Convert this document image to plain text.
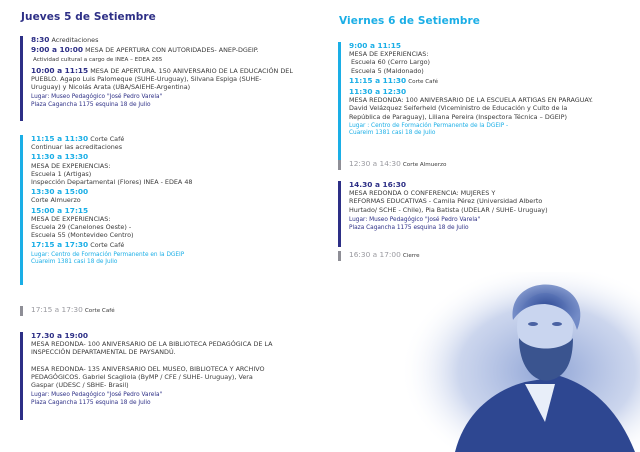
Jueves 5 de Setiembre
8:30 Acreditaciones
9:00 a 10:00 MESA DE APERTURA CON AUTORIDADES- ANEP-DGEIP.
Actividad cultural a cargo de INEA – EDEA 265
10:00 a 11:15 MESA DE APERTURA. 150 ANIVERSARIO DE LA EDUCACIÓN DEL
PUEBLO. Agapo Luis Palomeque (SUHE-Uruguay), Silvana Espiga (SUHE-
Uruguay) y Nicolás Arata (UBA/SAIEHE-Argentina)
Lugar: Museo Pedagógico "José Pedro Varela"
Plaza Cagancha 1175 esquina 18 de Julio
11:15 a 11:30 Corte Café
Continuar las acreditaciones
11:30 a 13:30
MESA DE EXPERIENCIAS:
Escuela 1 (Artigas)
Inspección Departamental (Flores) INEA - EDEA 48
13:30 a 15:00
Corte Almuerzo
15:00 a 17:15
MESA DE EXPERIENCIAS:
Escuela 29 (Canelones Oeste) -
Escuela 55 (Montevideo Centro)
17:15 a 17:30 Corte Café
Lugar: Centro de Formación Permanente en la DGEIP
Cuareim 1381 casi 18 de Julio
17:15 a 17:30 Corte Café
17.30 a 19:00
MESA REDONDA- 100 ANIVERSARIO DE LA BIBLIOTECA PEDAGÓGICA DE LA
INSPECCIÓN DEPARTAMENTAL DE PAYSANDÚ.
MESA REDONDA- 135 ANIVERSARIO DEL MUSEO, BIBLIOTECA Y ARCHIVO
PEDAGÓGICOS. Gabriel Scagliola (ByMP / CFE / SUHE- Uruguay), Vera
Gaspar (UDESC / SBHE- Brasil)
Lugar: Museo Pedagógico "José Pedro Varela"
Plaza Cagancha 1175 esquina 18 de Julio
Viernes 6 de Setiembre
9:00 a 11:15
MESA DE EXPERIENCIAS:
Escuela 60 (Cerro Largo)
Escuela 5 (Maldonado)
11:15 a 11:30 Corte Café
11:30 a 12:30
MESA REDONDA: 100 ANIVERSARIO DE LA ESCUELA ARTIGAS EN PARAGUAY.
David Velázquez Seiferheld (Viceministro de Educación y Culto de la
República de Paraguay), Liliana Pereira (Inspectora Técnica – DGEIP)
Lugar : Centro de Formación Permanente de la DGEIP -
Cuareim 1381 casi 18 de Julio
12:30 a 14:30 Corte Almuerzo
14.30 a 16:30
MESA REDONDA O CONFERENCIA: MUJERES Y
REFORMAS EDUCATIVAS - Camila Pérez (Universidad Alberto
Hurtado/ SCHE - Chile), Pia Batista (UDELAR / SUHE- Uruguay)
Lugar: Museo Pedagógico "José Pedro Varela"
Plaza Cagancha 1175 esquina 18 de Julio
16:30 a 17:00 Cierre
